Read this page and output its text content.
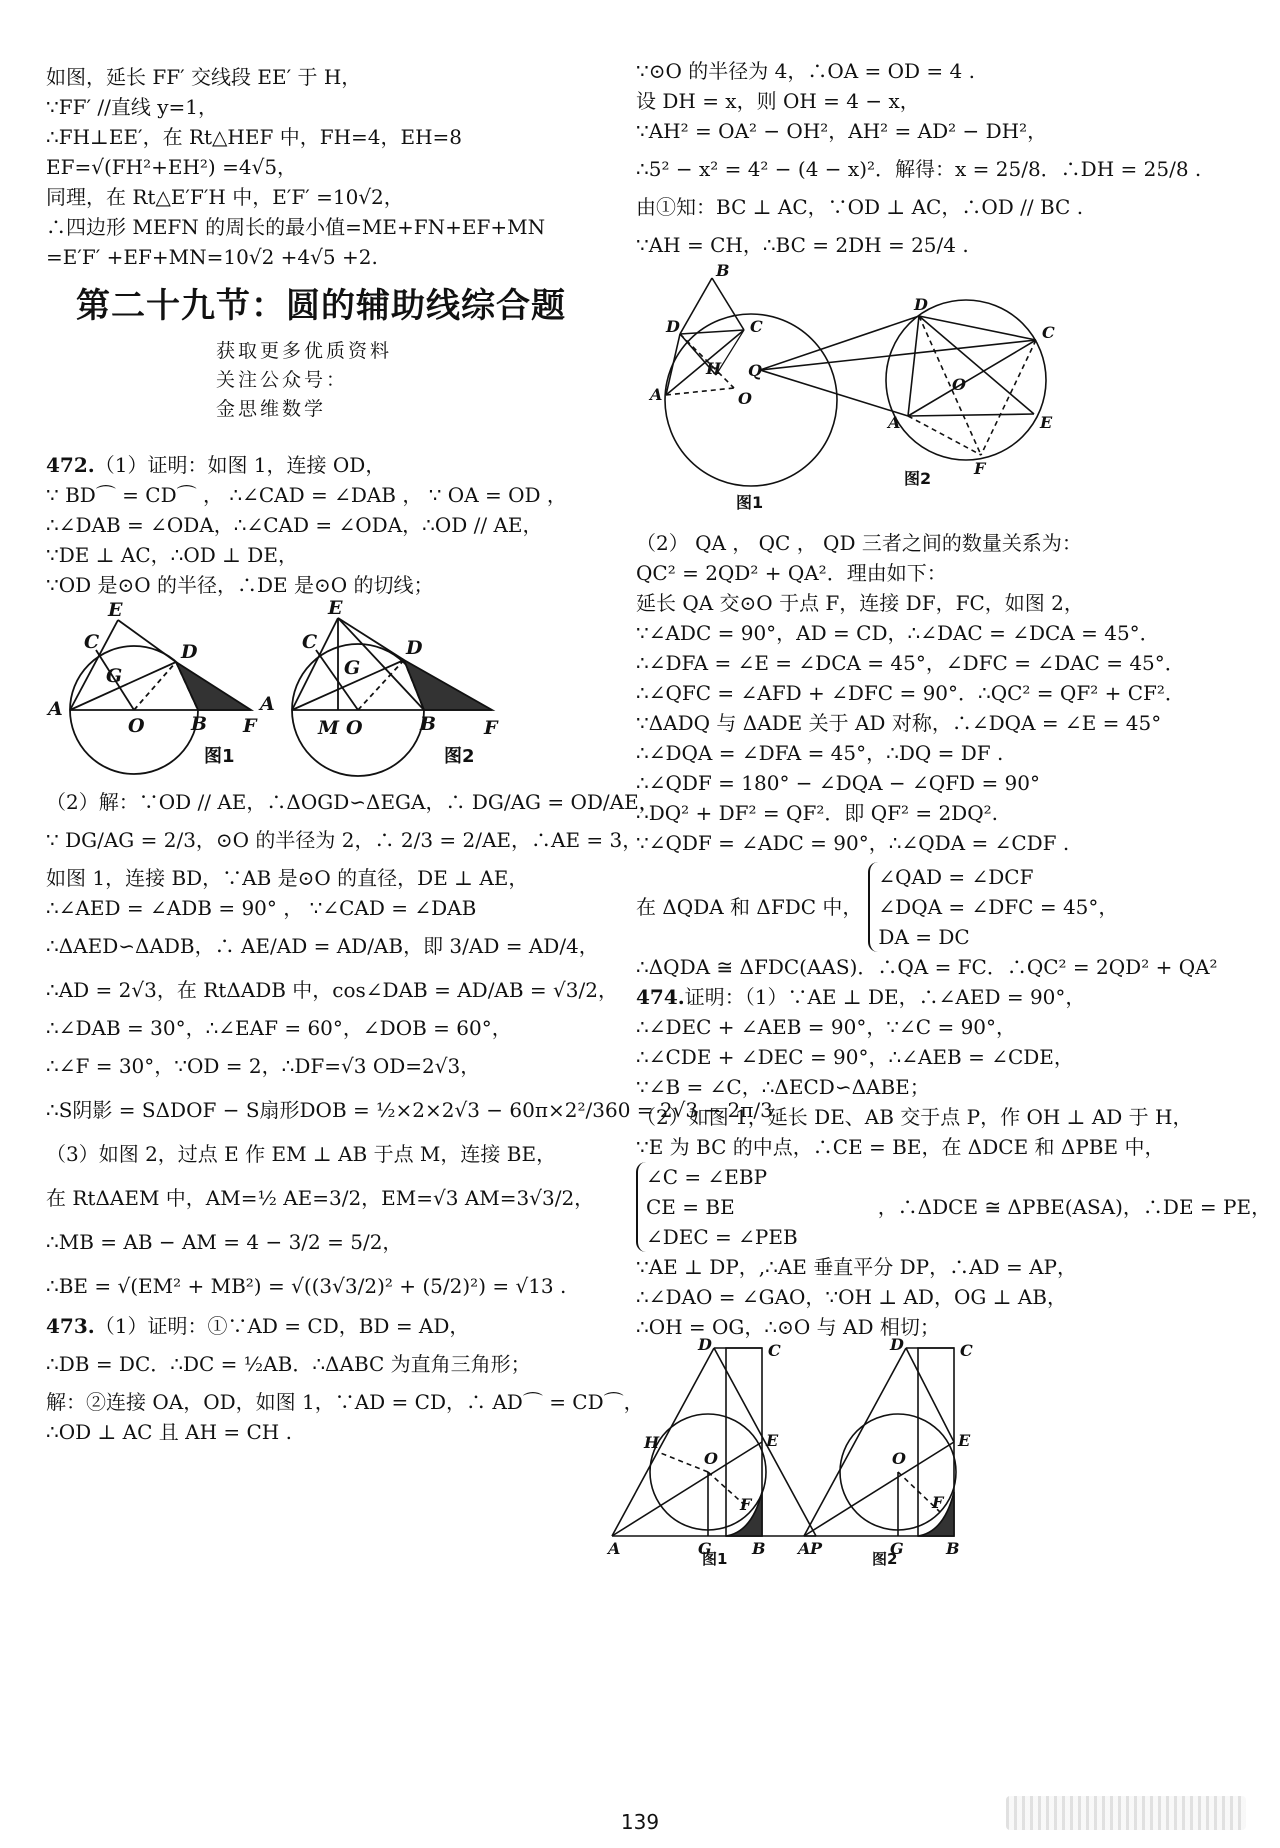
如图，延长 FF′ 交线段 EE′ 于 H，
∵FF′ //直线 y=1，
∴FH⊥EE′，在 Rt△HEF 中，FH=4，EH=8
EF=√(FH²+EH²) =4√5，
同理，在 Rt△E′F′H 中，E′F′ =10√2，
∴四边形 MEFN 的周长的最小值=ME+FN+EF+MN
=E′F′ +EF+MN=10√2 +4√5 +2.
第二十九节：圆的辅助线综合题
获取更多优质资料
关注公众号：
金思维数学
472.（1）证明：如图 1，连接 OD，
∵ BD⌒ = CD⌒ ， ∴∠CAD = ∠DAB ， ∵ OA = OD ，
∴∠DAB = ∠ODA，∴∠CAD = ∠ODA，∴OD // AE，
∵DE ⊥ AC，∴OD ⊥ DE，
∵OD 是⊙O 的半径，∴DE 是⊙O 的切线；
E
C	D
G
A
O B F
A
图1
E
C	D
G
M O	B	F
图2
（2）解：∵OD // AE，∴ΔOGD∽ΔEGA，∴ DG/AG = OD/AE，
∵ DG/AG = 2/3，⊙O 的半径为 2，∴ 2/3 = 2/AE，∴AE = 3，
如图 1，连接 BD，∵AB 是⊙O 的直径，DE ⊥ AE，
∴∠AED = ∠ADB = 90° ， ∵∠CAD = ∠DAB
∴ΔAED∽ΔADB，∴ AE/AD = AD/AB，即 3/AD = AD/4，
∴AD = 2√3，在 RtΔADB 中，cos∠DAB = AD/AB = √3/2，
∴∠DAB = 30°，∴∠EAF = 60°，∠DOB = 60°，
∴∠F = 30°，∵OD = 2，∴DF=√3 OD=2√3，
∴S阴影 = SΔDOF − S扇形DOB = ½×2×2√3 − 60π×2²/360 = 2√3 − 2π/3
（3）如图 2，过点 E 作 EM ⊥ AB 于点 M，连接 BE，
在 RtΔAEM 中，AM=½ AE=3/2，EM=√3 AM=3√3/2，
∴MB = AB − AM = 4 − 3/2 = 5/2，
∴BE = √(EM² + MB²) = √((3√3/2)² + (5/2)²) = √13 .
473.（1）证明：①∵AD = CD，BD = AD，
∴DB = DC．∴DC = ½AB．∴ΔABC 为直角三角形；
解：②连接 OA，OD，如图 1，∵AD = CD，∴ AD⌒ = CD⌒，
∴OD ⊥ AC 且 AH = CH .
∵⊙O 的半径为 4，∴OA = OD = 4 .
设 DH = x，则 OH = 4 − x，
∵AH² = OA² − OH²，AH² = AD² − DH²，
∴5² − x² = 4² − (4 − x)²．解得：x = 25/8．∴DH = 25/8 .
由①知：BC ⊥ AC，∵OD ⊥ AC，∴OD // BC .
∵AH = CH，∴BC = 2DH = 25/4 .
B
D	C
H
A	O
图1
D
C
Q
O
A	E
F
图2
（2） QA ， QC ， QD 三者之间的数量关系为：
QC² = 2QD² + QA²．理由如下：
延长 QA 交⊙O 于点 F，连接 DF，FC，如图 2，
∵∠ADC = 90°，AD = CD，∴∠DAC = ∠DCA = 45°．
∴∠DFA = ∠E = ∠DCA = 45°，∠DFC = ∠DAC = 45°．
∴∠QFC = ∠AFD + ∠DFC = 90°．∴QC² = QF² + CF²．
∵ΔADQ 与 ΔADE 关于 AD 对称，∴∠DQA = ∠E = 45°
∴∠DQA = ∠DFA = 45°，∴DQ = DF .
∴∠QDF = 180° − ∠DQA − ∠QFD = 90°
∴DQ² + DF² = QF²．即 QF² = 2DQ².
∵∠QDF = ∠ADC = 90°，∴∠QDA = ∠CDF .
在 ΔQDA 和 ΔFDC 中，
∠QAD = ∠DCF
∠DQA = ∠DFC = 45°，
DA = DC
∴ΔQDA ≅ ΔFDC(AAS)．∴QA = FC．∴QC² = 2QD² + QA²
474.证明：（1）∵AE ⊥ DE，∴∠AED = 90°，
∴∠DEC + ∠AEB = 90°，∵∠C = 90°，
∴∠CDE + ∠DEC = 90°，∴∠AEB = ∠CDE，
∵∠B = ∠C，∴ΔECD∽ΔABE；
（2）如图 1，延长 DE、AB 交于点 P，作 OH ⊥ AD 于 H，
∵E 为 BC 的中点，∴CE = BE，在 ΔDCE 和 ΔPBE 中，
∠C = ∠EBP
CE = BE
∠DEC = ∠PEB
，∴ΔDCE ≅ ΔPBE(ASA)，∴DE = PE，
∵AE ⊥ DP，,∴AE 垂直平分 DP，∴AD = AP，
∴∠DAO = ∠GAO，∵OH ⊥ AD，OG ⊥ AB，
∴OH = OG，∴⊙O 与 AD 相切；
D	C
H
O
E
F
A	G	B	P
图1
D	C
O
E
F
A	G	B
图2
139
